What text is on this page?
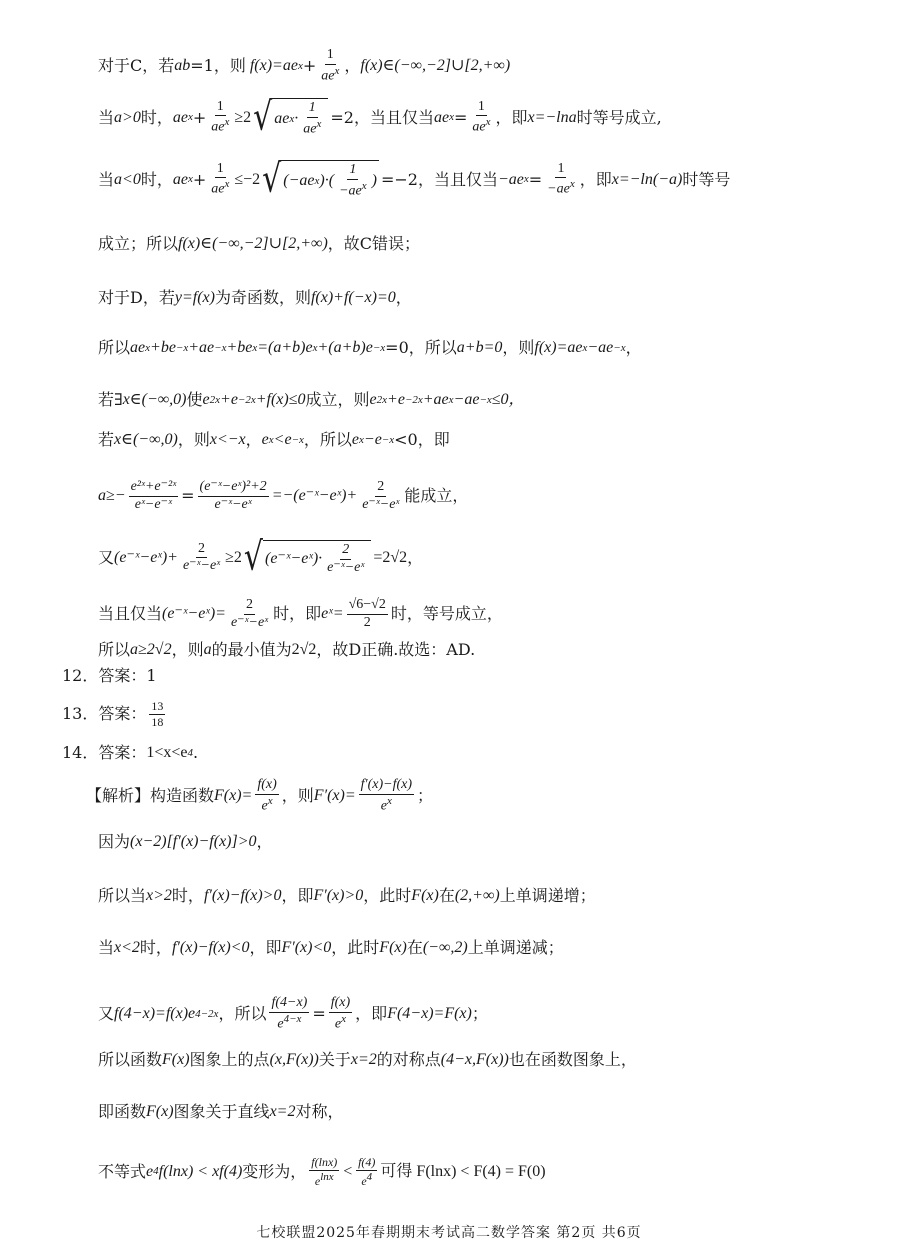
对于C，若 ab =1，则 f(x)=ae $x + \frac{1}{ae^x}$ ， f(x)∈(−∞,−2]∪[2,+∞)
当 a>0 时， ae $x + \frac{1}{ae^x} \ge 2$ √ ae $x \cdot \frac{1}{ae^x} =2$，当且仅当 ae $x = \frac{1}{ae^x}$ ，即 x=−lna 时等号成立,
当 a<0 时， ae $x + \frac{1}{ae^x} \le-2$ √ (−ae x )·( $\frac{1}{-ae^x}$ ) =−2，当且仅当 −ae $x = \frac{1}{-ae^x}$ ，即 x=−ln(−a) 时等号
成立；所以 f(x)∈(−∞,−2]∪[2,+∞) ，故C错误；
对于D，若 y=f(x) 为奇函数，则 f(x)+f(−x)=0 ，
所以 ae x +be −x +ae −x +be x =(a+b)e x +(a+b)e −x =0，所以 a+b=0 ，则 f(x)=ae x −ae −x ，
若∃ x∈(−∞,0) 使 e 2x +e −2x +f(x)≤0 成立，则 e 2x +e −2x +ae x −ae −x ≤0，
若 x∈(−∞,0) ，则 x<−x ， e x <e −x ，所以 e x −e −x <0，即
$a\ge- \frac{\text{e²ˣ+e⁻²ˣ}}{\text{eˣ−e⁻ˣ}} = \frac{\text{(e⁻ˣ−eˣ)²+2}}{\text{e⁻ˣ−eˣ}}$ =−(e⁻ˣ−eˣ)+ $\frac{2}{\text{e⁻ˣ−eˣ}}$ 能成立，
又 (e⁻ˣ−eˣ)+ $\frac{2}{\text{e⁻ˣ−eˣ}} \ge 2$ √ (e⁻ˣ−eˣ)· $\frac{2}{\text{e⁻ˣ−eˣ}} =2√2$ ，
当且仅当 (e⁻ˣ−eˣ)= $\frac{2}{\text{e⁻ˣ−eˣ}}$ 时，即 eˣ= $\frac{√6-√2}{2}$ 时，等号成立，
所以 a≥2√2 ，则 a 的最小值为 2√2 ，故D正确.故选：AD.
12．答案：1
13．答案： $\frac{13}{18}$
14．答案： 1<x<e 4 .
【解析】构造函数 $F(x)= \frac{f(x)}{e^x}$ ，则 $F'(x)= \frac{f'(x)-f(x)}{e^x}$ ；
因为 (x−2)[f′(x)−f(x)]>0 ，
所以当 x>2 时， f′(x)−f(x)>0 ，即 F′(x)>0 ，此时 F(x) 在 (2,+∞) 上单调递增；
当 x<2 时， f′(x)−f(x)<0 ，即 F′(x)<0 ，此时 F(x) 在 (−∞,2) 上单调递减；
又 f(4−x)=f(x)e 4−2x ，所以 $\frac{f(4-x)}{e^{4-x}} = \frac{f(x)}{e^x}$ ，即 F(4−x)=F(x) ；
所以函数 F(x) 图象上的点 (x,F(x)) 关于 x=2 的对称点 (4−x,F(x)) 也在函数图象上，
即函数 F(x) 图象关于直线 x=2 对称，
不等式 e 4 f(lnx) < xf(4) 变形为， $\frac{f(\ln x)}{e^{lnx}} < \frac{f(4)}{e^4}$ 可得 F(lnx) < F(4) = F(0)
七校联盟2025年春期期末考试高二数学答案 第2页 共6页
